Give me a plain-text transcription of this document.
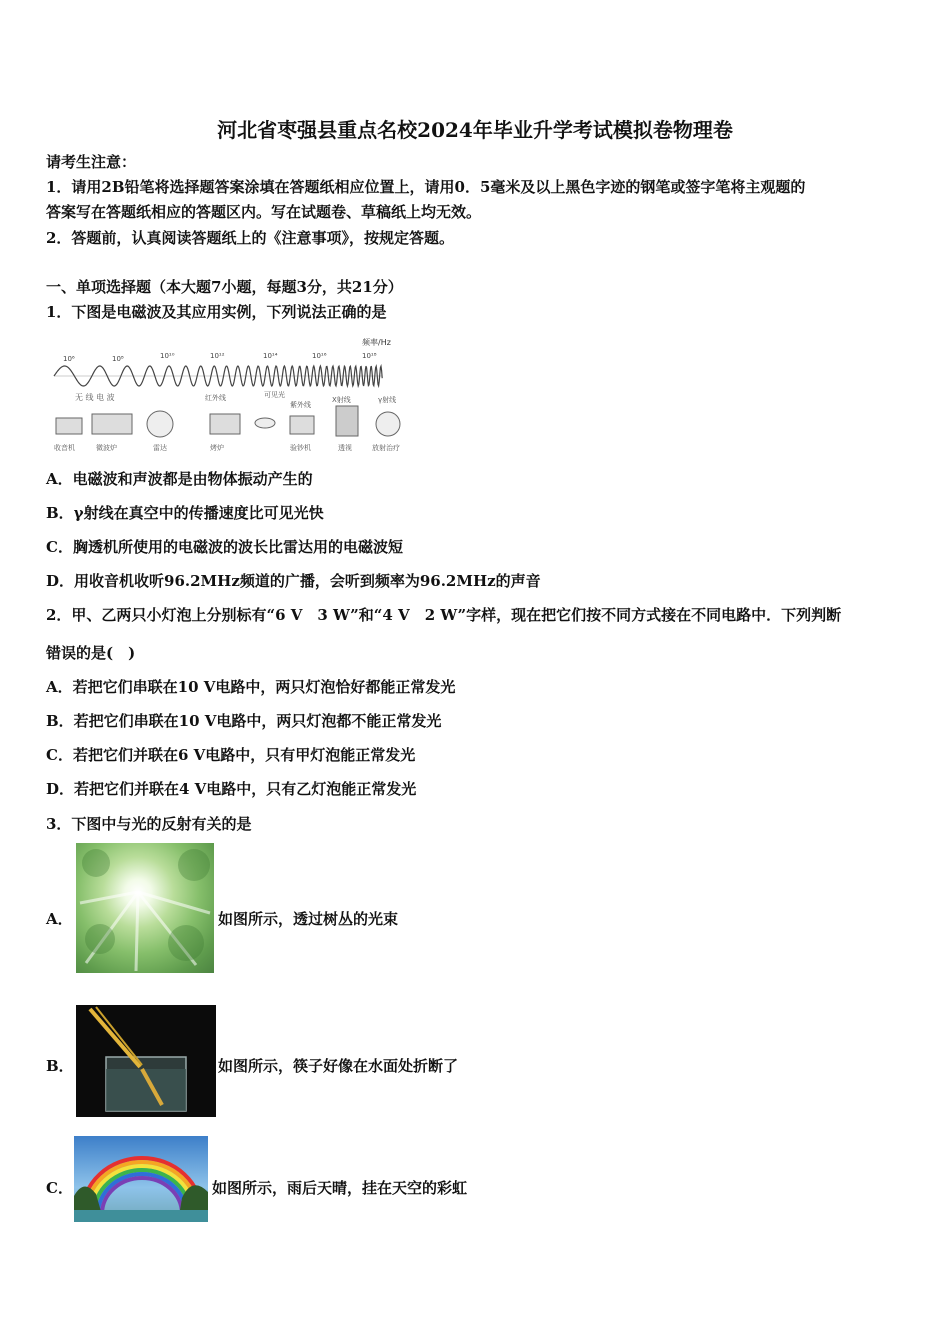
河北省枣强县重点名校2024年毕业升学考试模拟卷物理卷
请考生注意：
1．请用2B铅笔将选择题答案涂填在答题纸相应位置上，请用0．5毫米及以上黑色字迹的钢笔或签字笔将主观题的
答案写在答题纸相应的答题区内。写在试题卷、草稿纸上均无效。
2．答题前，认真阅读答题纸上的《注意事项》，按规定答题。
一、单项选择题（本大题7小题，每题3分，共21分）
1．下图是电磁波及其应用实例，下列说法正确的是
频率/Hz
10⁶	10⁸	10¹⁰	10¹²	10¹⁴	10¹⁶	10¹⁸
无 线 电 波	红外线	可见光
紫外线
X射线	γ射线
收音机	微波炉	雷达	烤炉	验钞机	透视	放射治疗
A．电磁波和声波都是由物体振动产生的
B．γ射线在真空中的传播速度比可见光快
C．胸透机所使用的电磁波的波长比雷达用的电磁波短
D．用收音机收听96.2MHz频道的广播，会听到频率为96.2MHz的声音
2．甲、乙两只小灯泡上分别标有“6 V　3 W”和“4 V　2 W”字样，现在把它们按不同方式接在不同电路中．下列判断
错误的是(　)
A．若把它们串联在10 V电路中，两只灯泡恰好都能正常发光
B．若把它们串联在10 V电路中，两只灯泡都不能正常发光
C．若把它们并联在6 V电路中，只有甲灯泡能正常发光
D．若把它们并联在4 V电路中，只有乙灯泡能正常发光
3．下图中与光的反射有关的是
A．	如图所示，透过树丛的光束
B．	如图所示，筷子好像在水面处折断了
C．	如图所示，雨后天晴，挂在天空的彩虹
